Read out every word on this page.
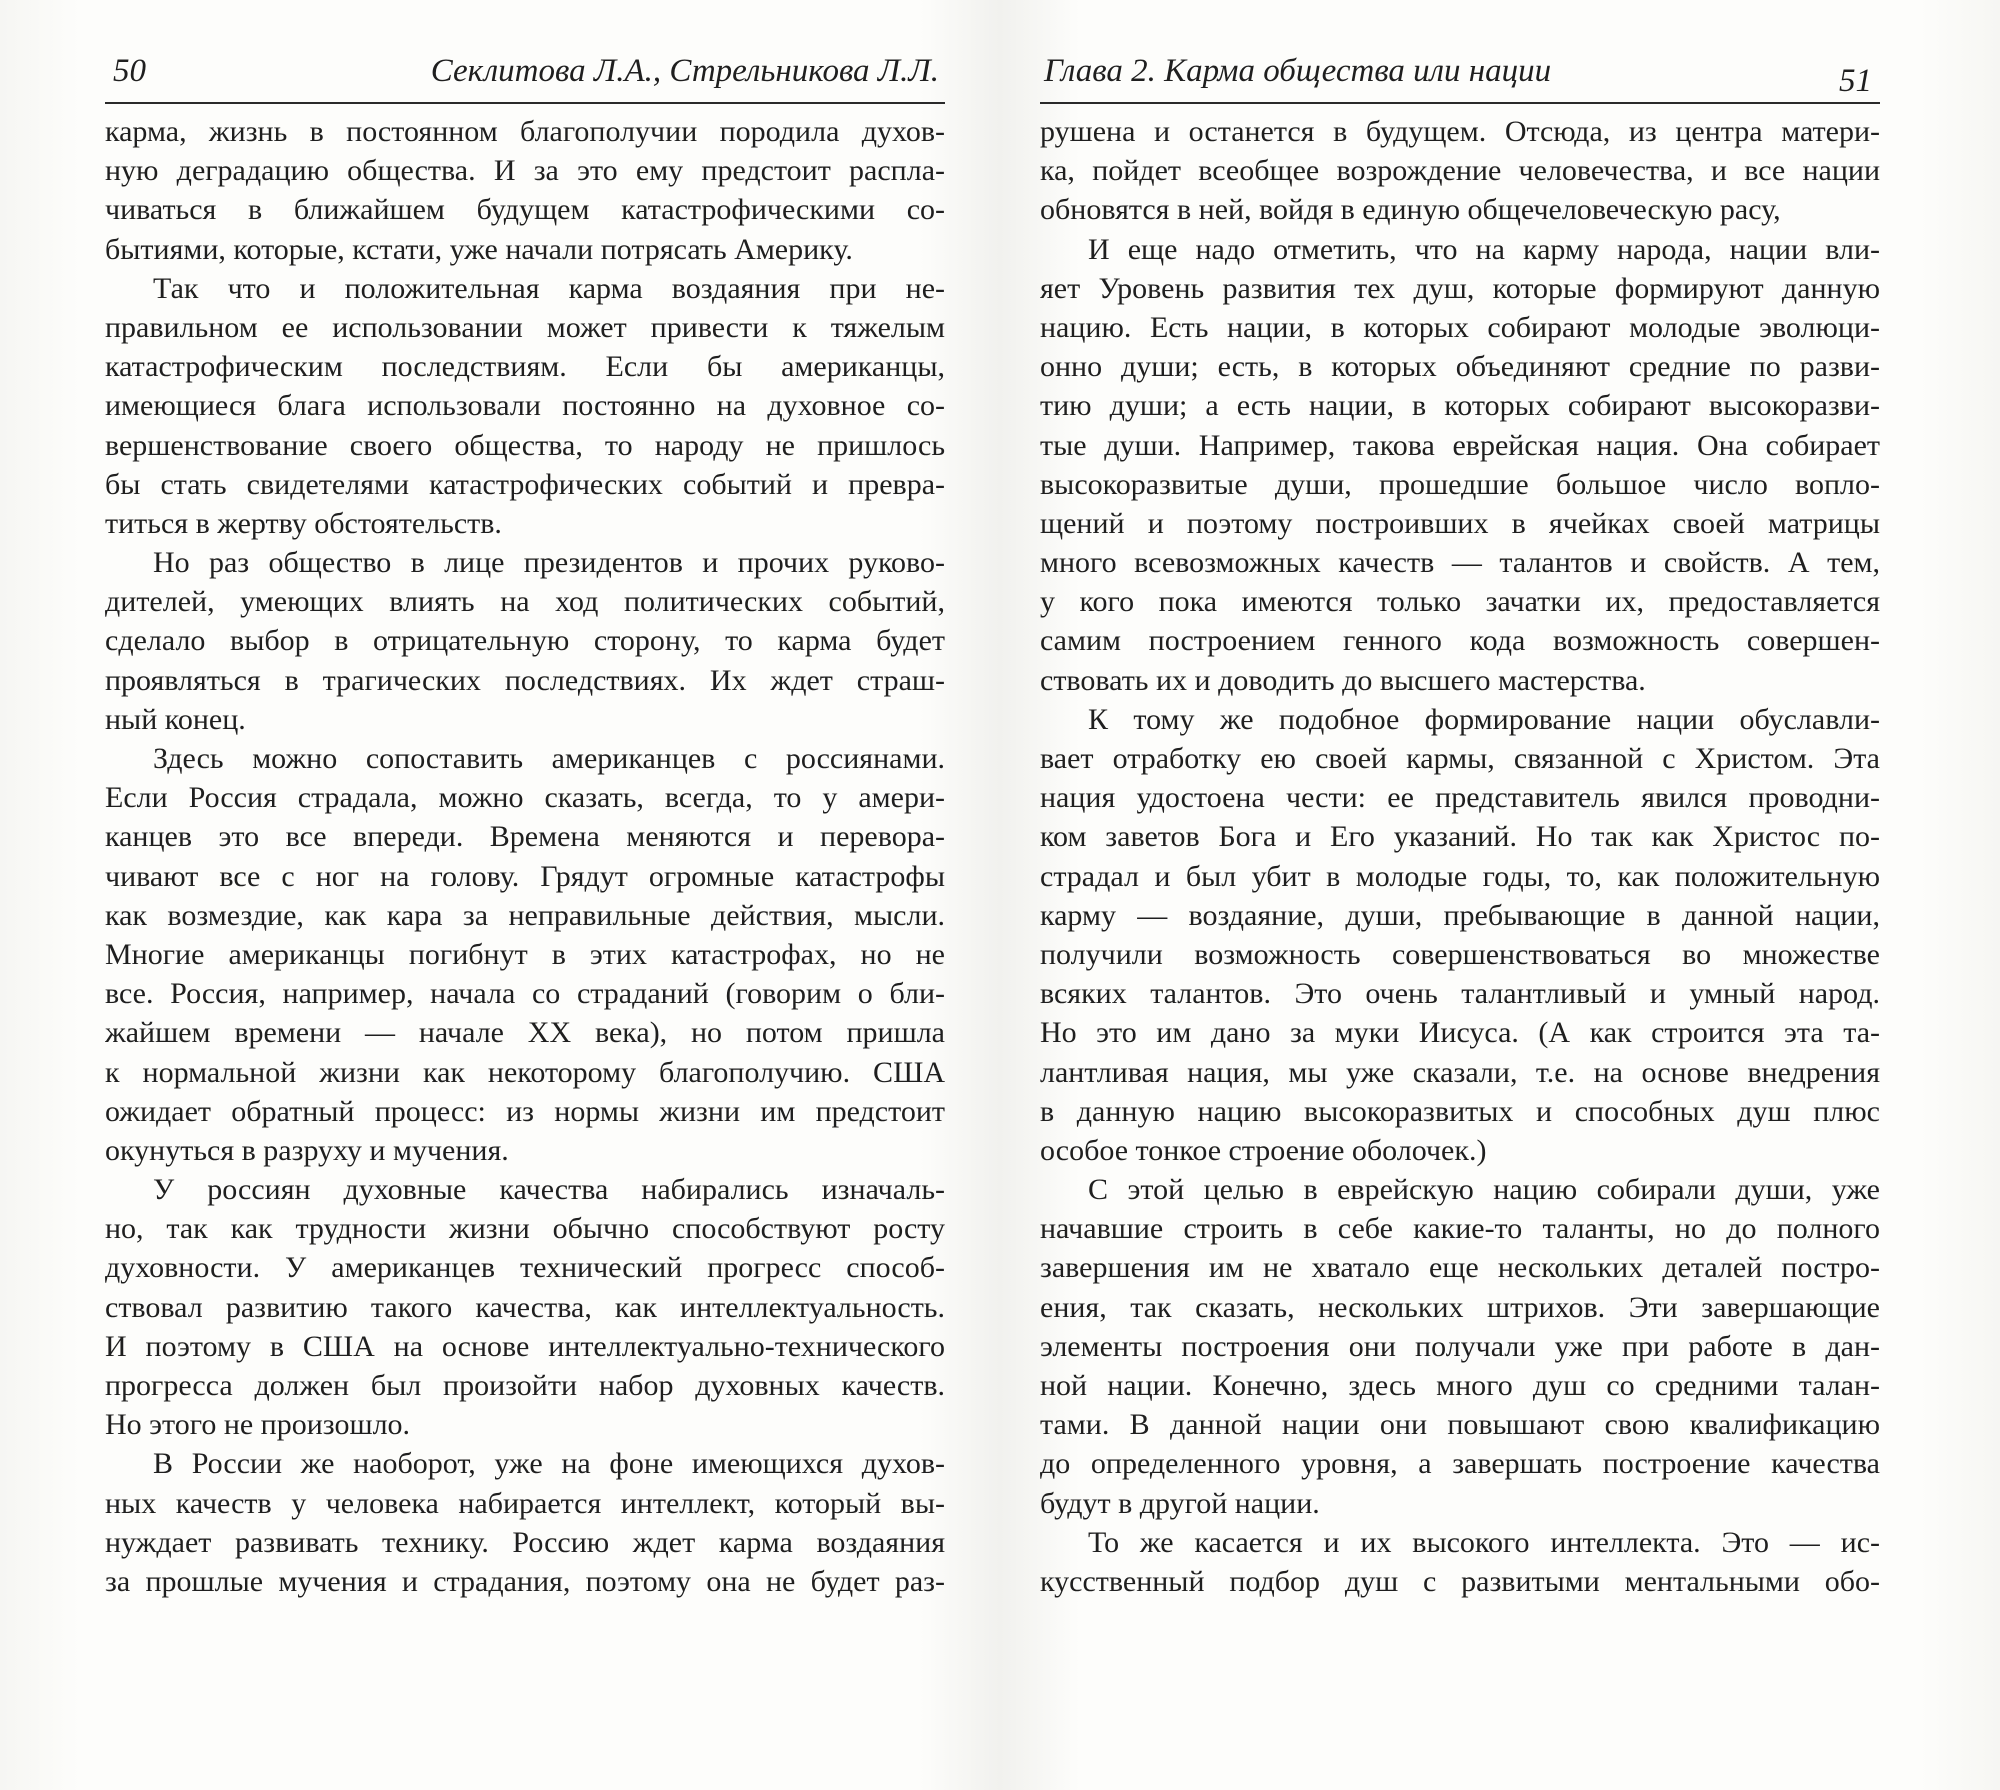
50	Секлитова Л.А., Стрельникова Л.Л.
карма, жизнь в постоянном благополучии породила духов-
ную деградацию общества. И за это ему предстоит распла-
чиваться в ближайшем будущем катастрофическими со-
бытиями, которые, кстати, уже начали потрясать Америку.
Так что и положительная карма воздаяния при не-
правильном ее использовании может привести к тяжелым
катастрофическим последствиям. Если бы американцы,
имеющиеся блага использовали постоянно на духовное со-
вершенствование своего общества, то народу не пришлось
бы стать свидетелями катастрофических событий и превра-
титься в жертву обстоятельств.
Но раз общество в лице президентов и прочих руково-
дителей, умеющих влиять на ход политических событий,
сделало выбор в отрицательную сторону, то карма будет
проявляться в трагических последствиях. Их ждет страш-
ный конец.
Здесь можно сопоставить американцев с россиянами.
Если Россия страдала, можно сказать, всегда, то у амери-
канцев это все впереди. Времена меняются и перевора-
чивают все с ног на голову. Грядут огромные катастрофы
как возмездие, как кара за неправильные действия, мысли.
Многие американцы погибнут в этих катастрофах, но не
все. Россия, например, начала со страданий (говорим о бли-
жайшем времени — начале XX века), но потом пришла
к нормальной жизни как некоторому благополучию. США
ожидает обратный процесс: из нормы жизни им предстоит
окунуться в разруху и мучения.
У россиян духовные качества набирались изначаль-
но, так как трудности жизни обычно способствуют росту
духовности. У американцев технический прогресс способ-
ствовал развитию такого качества, как интеллектуальность.
И поэтому в США на основе интеллектуально-технического
прогресса должен был произойти набор духовных качеств.
Но этого не произошло.
В России же наоборот, уже на фоне имеющихся духов-
ных качеств у человека набирается интеллект, который вы-
нуждает развивать технику. Россию ждет карма воздаяния
за прошлые мучения и страдания, поэтому она не будет раз-
Глава 2. Карма общества или нации	51
рушена и останется в будущем. Отсюда, из центра матери-
ка, пойдет всеобщее возрождение человечества, и все нации
обновятся в ней, войдя в единую общечеловеческую расу,
И еще надо отметить, что на карму народа, нации вли-
яет Уровень развития тех душ, которые формируют данную
нацию. Есть нации, в которых собирают молодые эволюци-
онно души; есть, в которых объединяют средние по разви-
тию души; а есть нации, в которых собирают высокоразви-
тые души. Например, такова еврейская нация. Она собирает
высокоразвитые души, прошедшие большое число вопло-
щений и поэтому построивших в ячейках своей матрицы
много всевозможных качеств — талантов и свойств. А тем,
у кого пока имеются только зачатки их, предоставляется
самим построением генного кода возможность совершен-
ствовать их и доводить до высшего мастерства.
К тому же подобное формирование нации обуславли-
вает отработку ею своей кармы, связанной с Христом. Эта
нация удостоена чести: ее представитель явился проводни-
ком заветов Бога и Его указаний. Но так как Христос по-
страдал и был убит в молодые годы, то, как положительную
карму — воздаяние, души, пребывающие в данной нации,
получили возможность совершенствоваться во множестве
всяких талантов. Это очень талантливый и умный народ.
Но это им дано за муки Иисуса. (А как строится эта та-
лантливая нация, мы уже сказали, т.е. на основе внедрения
в данную нацию высокоразвитых и способных душ плюс
особое тонкое строение оболочек.)
С этой целью в еврейскую нацию собирали души, уже
начавшие строить в себе какие-то таланты, но до полного
завершения им не хватало еще нескольких деталей постро-
ения, так сказать, нескольких штрихов. Эти завершающие
элементы построения они получали уже при работе в дан-
ной нации. Конечно, здесь много душ со средними талан-
тами. В данной нации они повышают свою квалификацию
до определенного уровня, а завершать построение качества
будут в другой нации.
То же касается и их высокого интеллекта. Это — ис-
кусственный подбор душ с развитыми ментальными обо-
